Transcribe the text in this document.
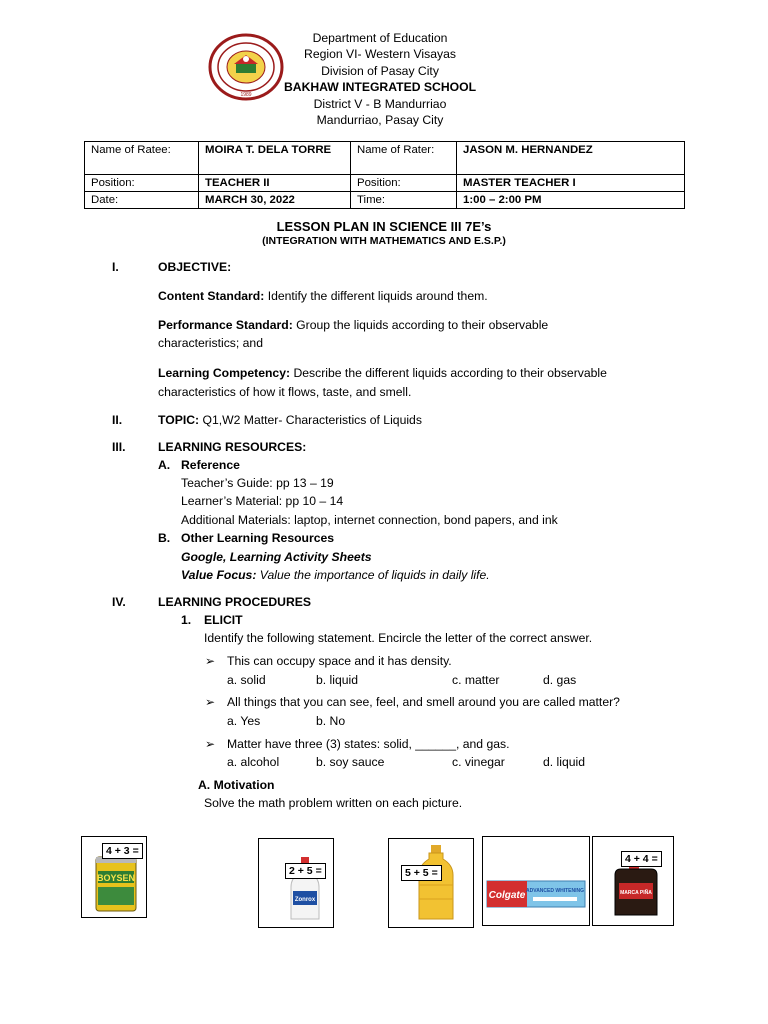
1989
Department of Education
Region VI- Western Visayas
Division of Pasay City
BAKHAW INTEGRATED SCHOOL
District V - B Mandurriao
Mandurriao, Pasay City
Name of Ratee:	MOIRA T. DELA TORRE	Name of Rater:	JASON M. HERNANDEZ
Position:	TEACHER II	Position:	MASTER TEACHER I
Date:	MARCH 30, 2022	Time:	1:00 – 2:00 PM
LESSON PLAN IN SCIENCE III 7E’s
(INTEGRATION WITH MATHEMATICS AND E.S.P.)
I.	OBJECTIVE:
Content Standard: Identify the different liquids around them.
Performance Standard: Group the liquids according to their observable
characteristics; and
Learning Competency: Describe the different liquids according to their observable
characteristics of how it flows, taste, and smell.
II.	TOPIC: Q1,W2 Matter- Characteristics of Liquids
III.	LEARNING RESOURCES:
A. Reference
Teacher’s Guide: pp 13 – 19
Learner’s Material: pp 10 – 14
Additional Materials: laptop, internet connection, bond papers, and ink
B. Other Learning Resources
Google, Learning Activity Sheets
Value Focus: Value the importance of liquids in daily life.
IV.	LEARNING PROCEDURES
1. ELICIT
Identify the following statement. Encircle the letter of the correct answer.
➢ This can occupy space and it has density.
a. solid	b. liquid	c. matter	d. gas
➢ All things that you can see, feel, and smell around you are called matter?
a. Yes	b. No
➢ Matter have three (3) states: solid, ______, and gas.
a. alcohol	b. soy sauce	c. vinegar	d. liquid
A. Motivation
Solve the math problem written on each picture.
BOYSEN
4 + 3 =
Zonrox
2 + 5 =	5 + 5 =
Colgate ADVANCED WHITENING	MARCA PIÑA
4 + 4 =
